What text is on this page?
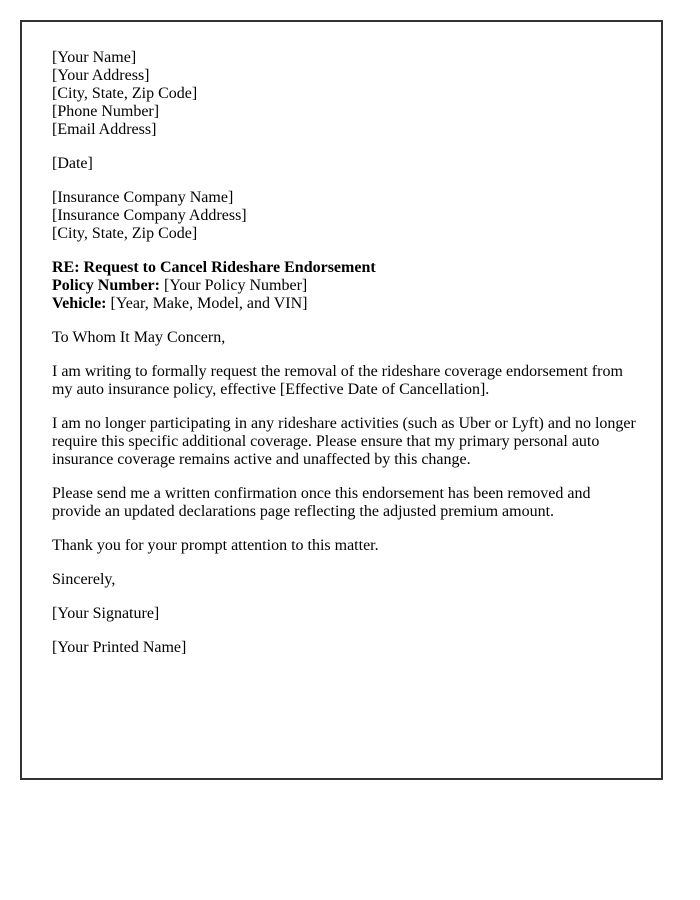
[Your Name]
[Your Address]
[City, State, Zip Code]
[Phone Number]
[Email Address]

[Date]

[Insurance Company Name]
[Insurance Company Address]
[City, State, Zip Code]

RE: Request to Cancel Rideshare Endorsement
Policy Number: [Your Policy Number]
Vehicle: [Year, Make, Model, and VIN]

To Whom It May Concern,

I am writing to formally request the removal of the rideshare coverage endorsement from my auto insurance policy, effective [Effective Date of Cancellation].

I am no longer participating in any rideshare activities (such as Uber or Lyft) and no longer require this specific additional coverage. Please ensure that my primary personal auto insurance coverage remains active and unaffected by this change.

Please send me a written confirmation once this endorsement has been removed and provide an updated declarations page reflecting the adjusted premium amount.

Thank you for your prompt attention to this matter.

Sincerely,

[Your Signature]

[Your Printed Name]
